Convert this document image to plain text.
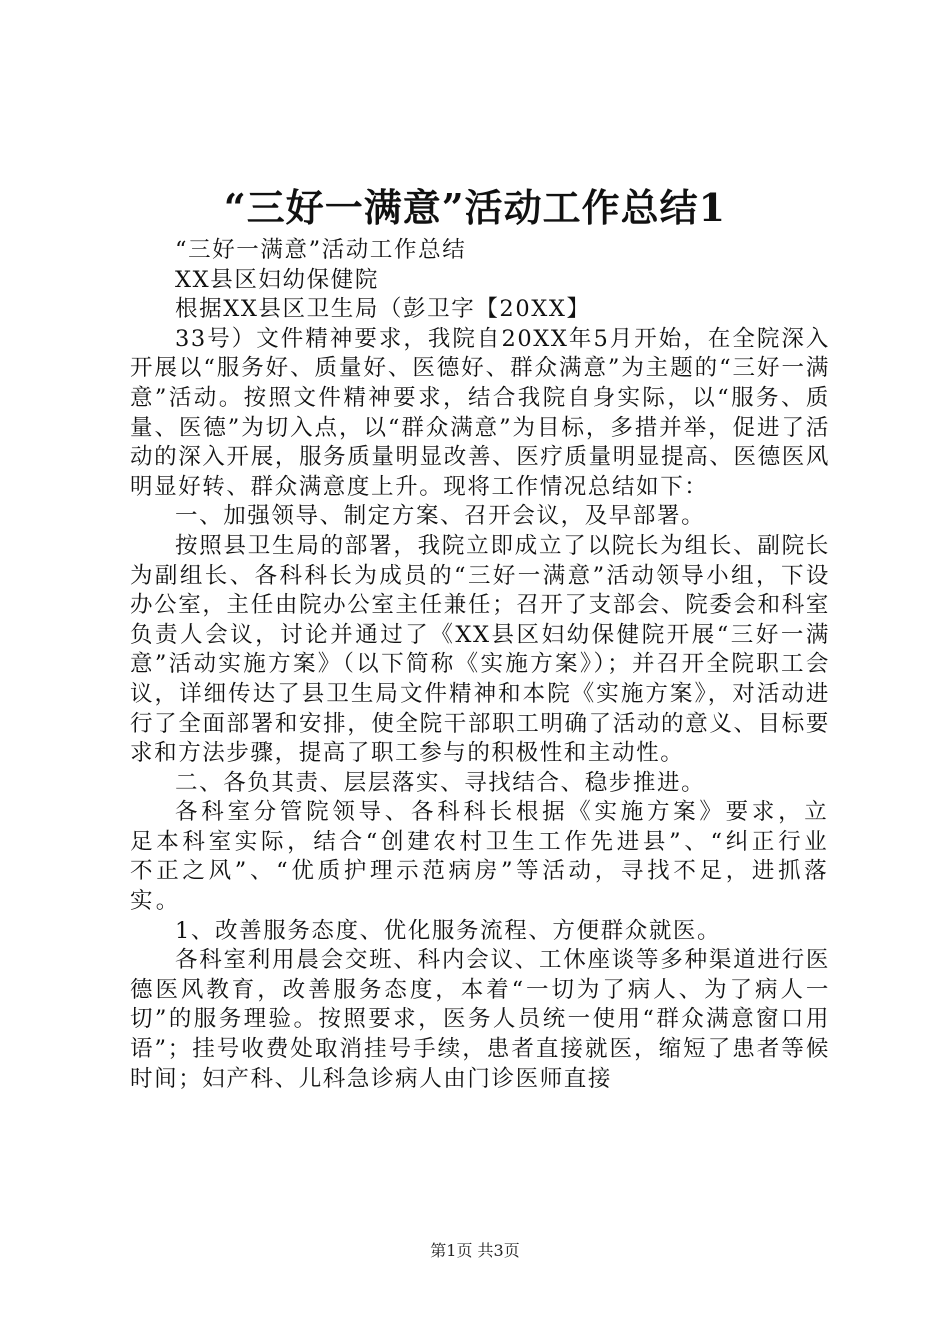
“三好一满意”活动工作总结1

“三好一满意”活动工作总结

XX县区妇幼保健院

根据XX县区卫生局（彭卫字【20XX】

33号）文件精神要求，我院自20XX年5月开始，在全院深入开展以“服务好、质量好、医德好、群众满意”为主题的“三好一满意”活动。按照文件精神要求，结合我院自身实际，以“服务、质量、医德”为切入点，以“群众满意”为目标，多措并举，促进了活动的深入开展，服务质量明显改善、医疗质量明显提高、医德医风明显好转、群众满意度上升。现将工作情况总结如下：

一、加强领导、制定方案、召开会议，及早部署。

按照县卫生局的部署，我院立即成立了以院长为组长、副院长为副组长、各科科长为成员的“三好一满意”活动领导小组，下设办公室，主任由院办公室主任兼任；召开了支部会、院委会和科室负责人会议，讨论并通过了《XX县区妇幼保健院开展“三好一满意”活动实施方案》（以下简称《实施方案》）；并召开全院职工会议，详细传达了县卫生局文件精神和本院《实施方案》，对活动进行了全面部署和安排，使全院干部职工明确了活动的意义、目标要求和方法步骤，提高了职工参与的积极性和主动性。

二、各负其责、层层落实、寻找结合、稳步推进。

各科室分管院领导、各科科长根据《实施方案》要求，立足本科室实际，结合“创建农村卫生工作先进县”、“纠正行业不正之风”、“优质护理示范病房”等活动，寻找不足，进抓落实。

1、改善服务态度、优化服务流程、方便群众就医。

各科室利用晨会交班、科内会议、工休座谈等多种渠道进行医德医风教育，改善服务态度，本着“一切为了病人、为了病人一切”的服务理验。按照要求，医务人员统一使用“群众满意窗口用语”；挂号收费处取消挂号手续，患者直接就医，缩短了患者等候时间；妇产科、儿科急诊病人由门诊医师直接

第1页 共3页
